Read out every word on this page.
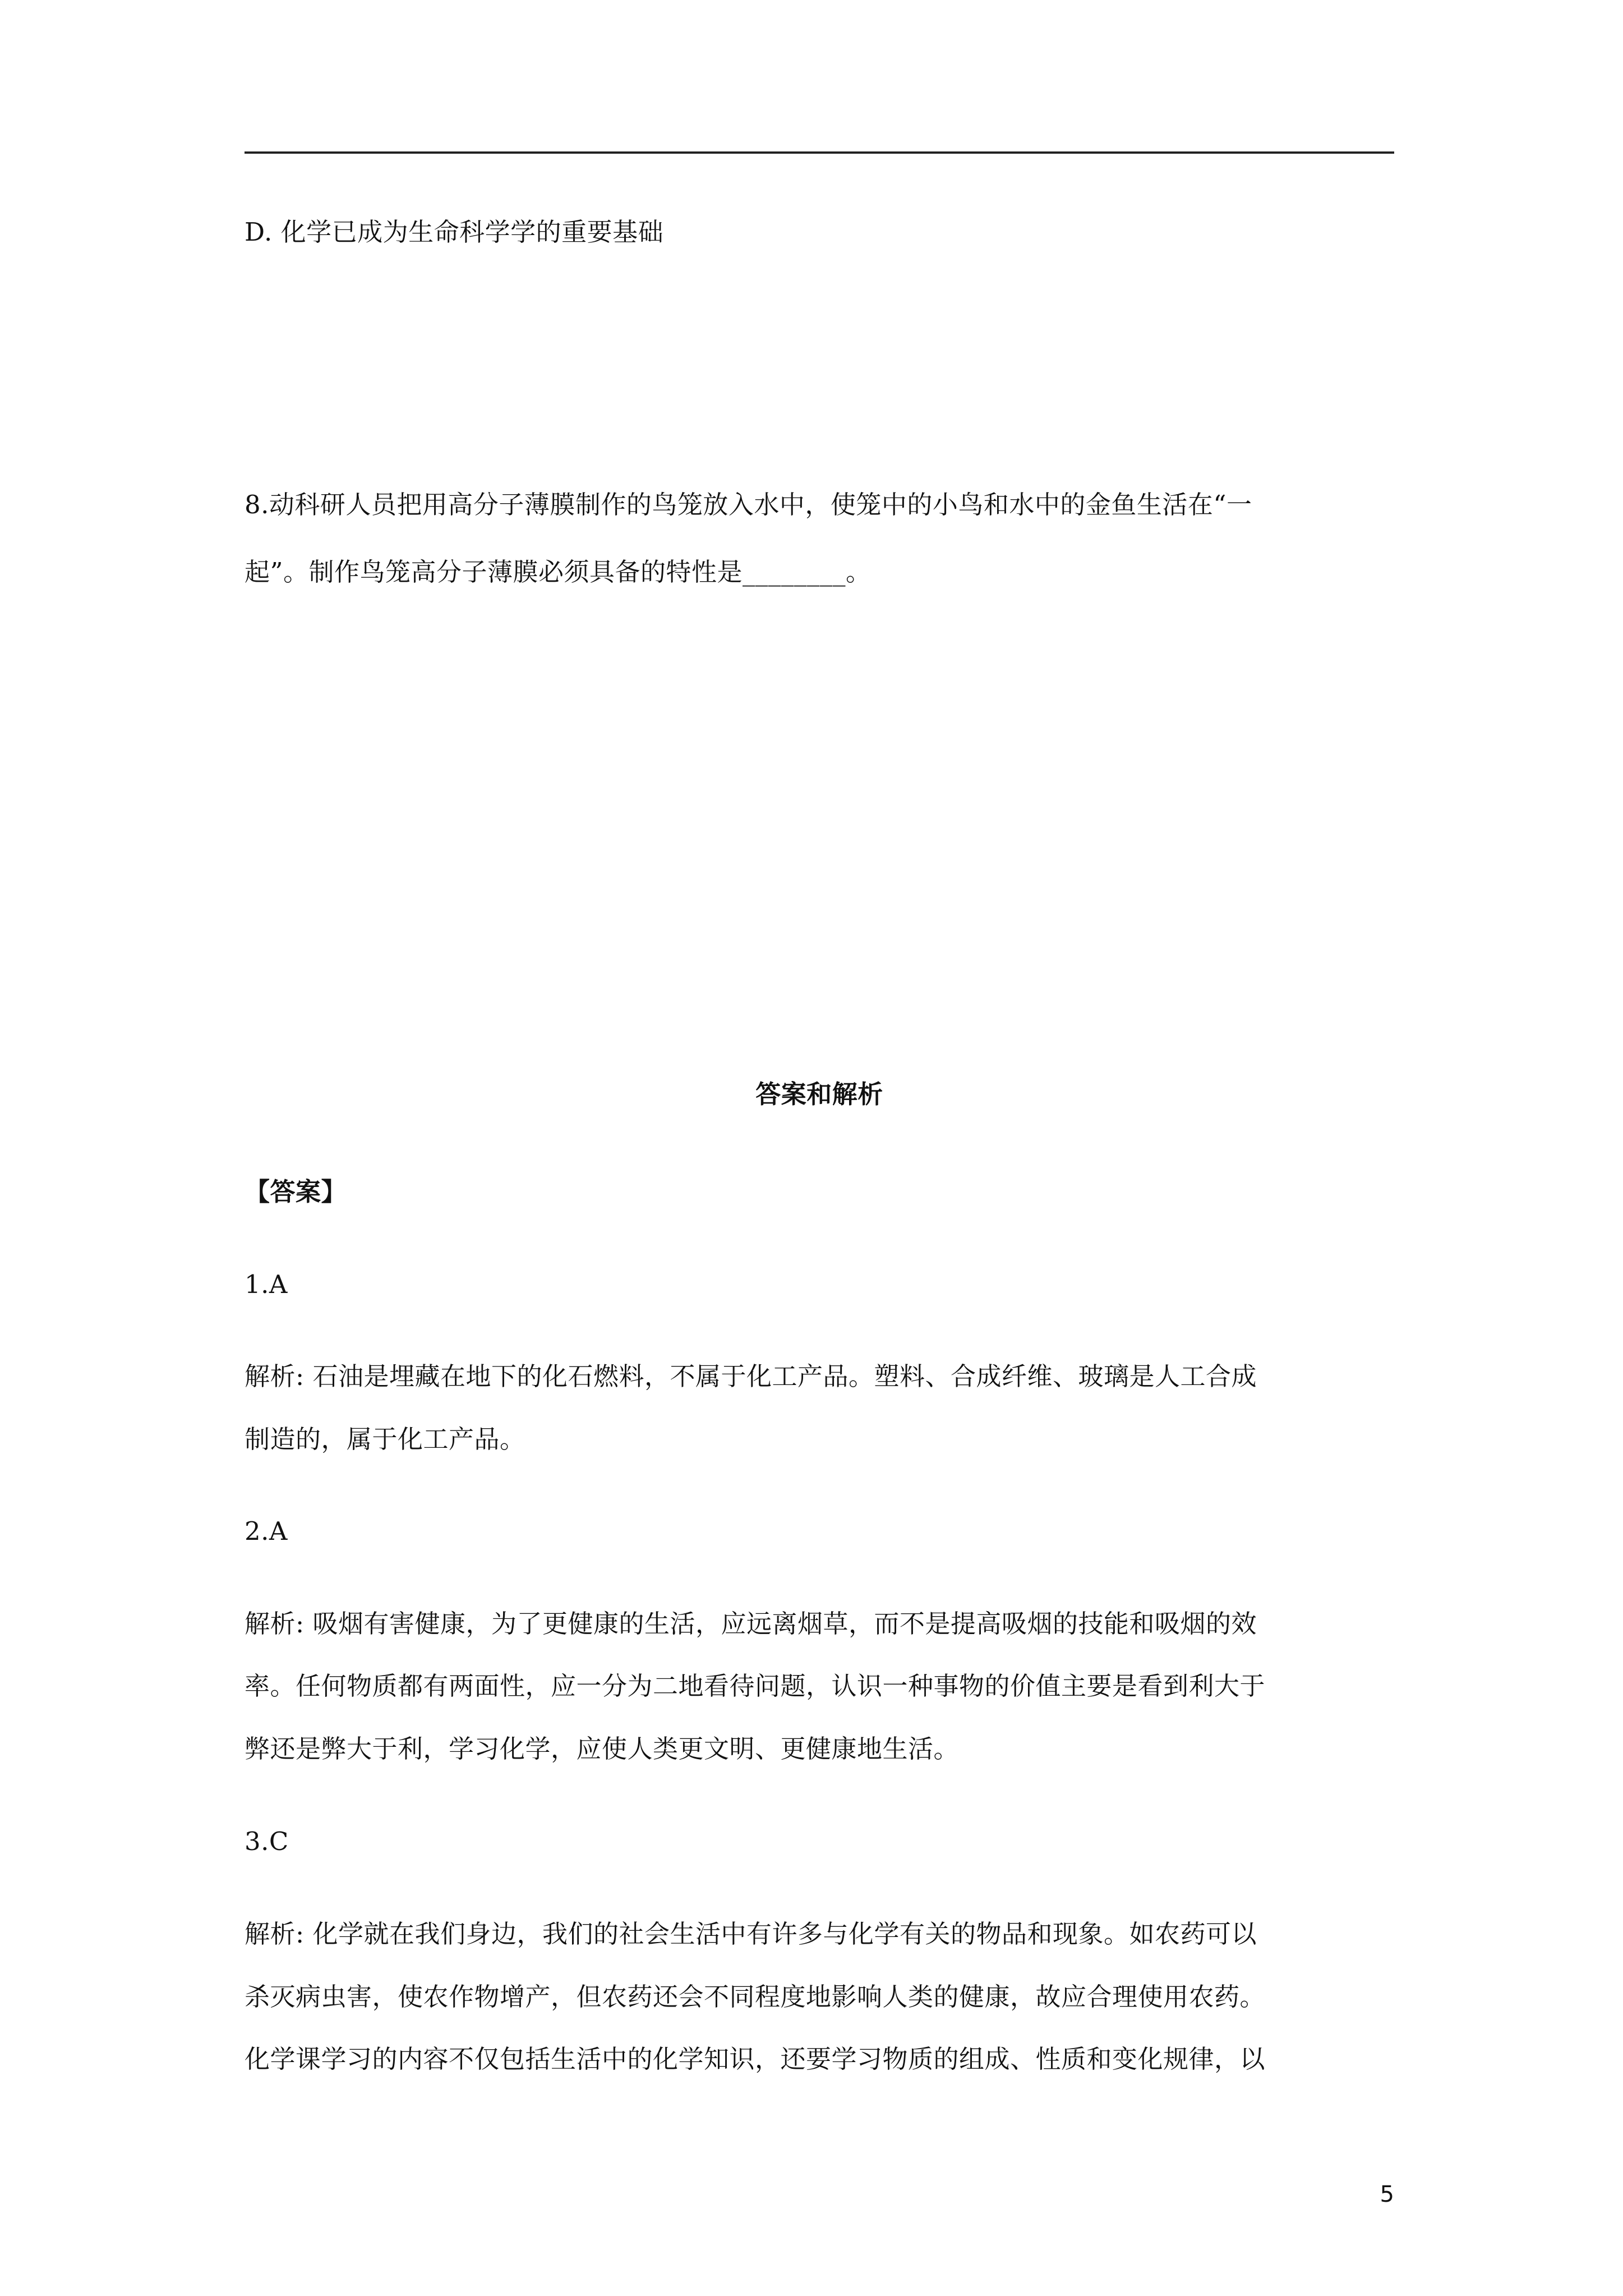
D. 化学已成为生命科学学的重要基础

8.动科研人员把用高分子薄膜制作的鸟笼放入水中，使笼中的小鸟和水中的金鱼生活在“一

起”。制作鸟笼高分子薄膜必须具备的特性是________。

答案和解析

【答案】

1.A

解析: 石油是埋藏在地下的化石燃料，不属于化工产品。塑料、合成纤维、玻璃是人工合成

制造的，属于化工产品。

2.A

解析: 吸烟有害健康，为了更健康的生活，应远离烟草，而不是提高吸烟的技能和吸烟的效

率。任何物质都有两面性，应一分为二地看待问题，认识一种事物的价值主要是看到利大于

弊还是弊大于利，学习化学，应使人类更文明、更健康地生活。

3.C

解析: 化学就在我们身边，我们的社会生活中有许多与化学有关的物品和现象。如农药可以

杀灭病虫害，使农作物增产，但农药还会不同程度地影响人类的健康，故应合理使用农药。

化学课学习的内容不仅包括生活中的化学知识，还要学习物质的组成、性质和变化规律，以

5
